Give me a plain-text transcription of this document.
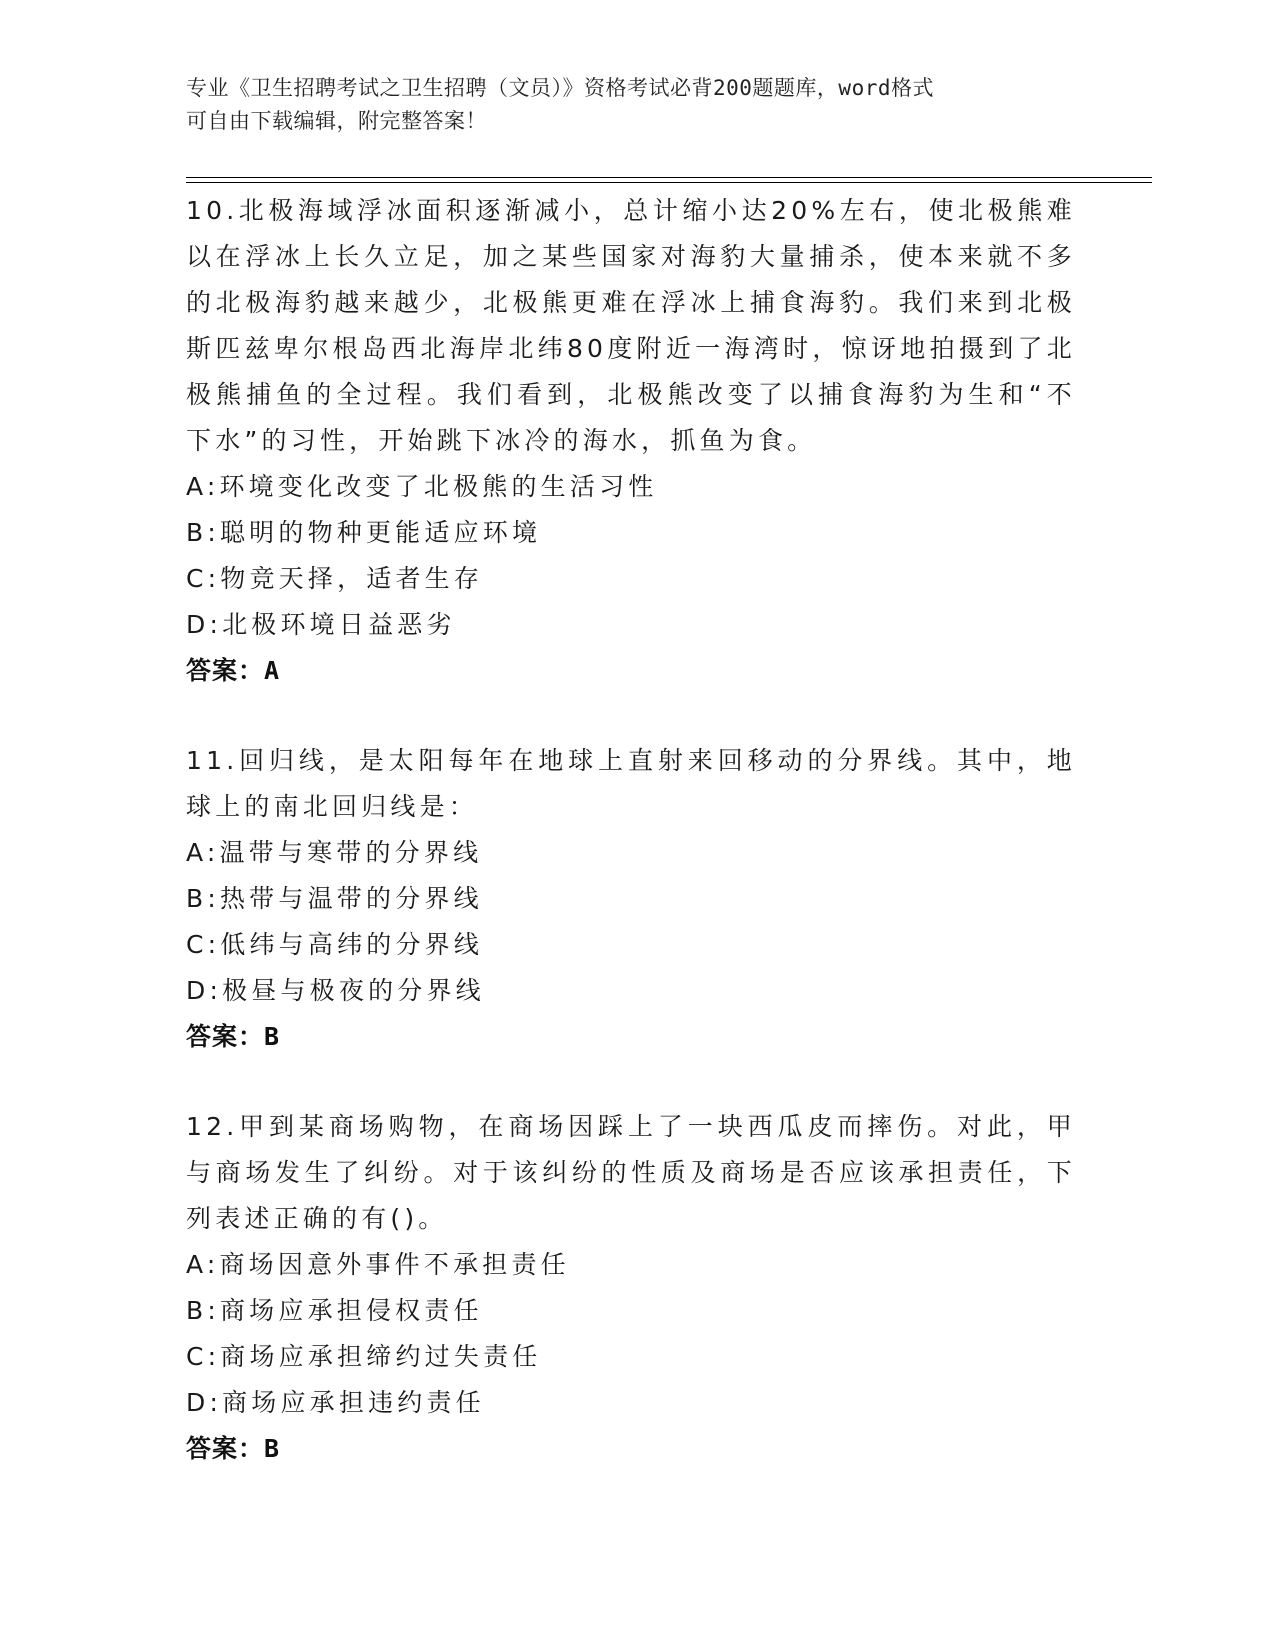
专业《卫生招聘考试之卫生招聘（文员）》资格考试必背200题题库，word格式
可自由下载编辑，附完整答案！

10.北极海域浮冰面积逐渐减小，总计缩小达20%左右，使北极熊难以在浮冰上长久立足，加之某些国家对海豹大量捕杀，使本来就不多的北极海豹越来越少，北极熊更难在浮冰上捕食海豹。我们来到北极斯匹兹卑尔根岛西北海岸北纬80度附近一海湾时，惊讶地拍摄到了北极熊捕鱼的全过程。我们看到，北极熊改变了以捕食海豹为生和“不下水”的习性，开始跳下冰冷的海水，抓鱼为食。

A:环境变化改变了北极熊的生活习性
B:聪明的物种更能适应环境
C:物竞天择，适者生存
D:北极环境日益恶劣

答案：A

11.回归线，是太阳每年在地球上直射来回移动的分界线。其中，地球上的南北回归线是：

A:温带与寒带的分界线
B:热带与温带的分界线
C:低纬与高纬的分界线
D:极昼与极夜的分界线

答案：B

12.甲到某商场购物，在商场因踩上了一块西瓜皮而摔伤。对此，甲与商场发生了纠纷。对于该纠纷的性质及商场是否应该承担责任，下列表述正确的有()。

A:商场因意外事件不承担责任
B:商场应承担侵权责任
C:商场应承担缔约过失责任
D:商场应承担违约责任

答案：B
